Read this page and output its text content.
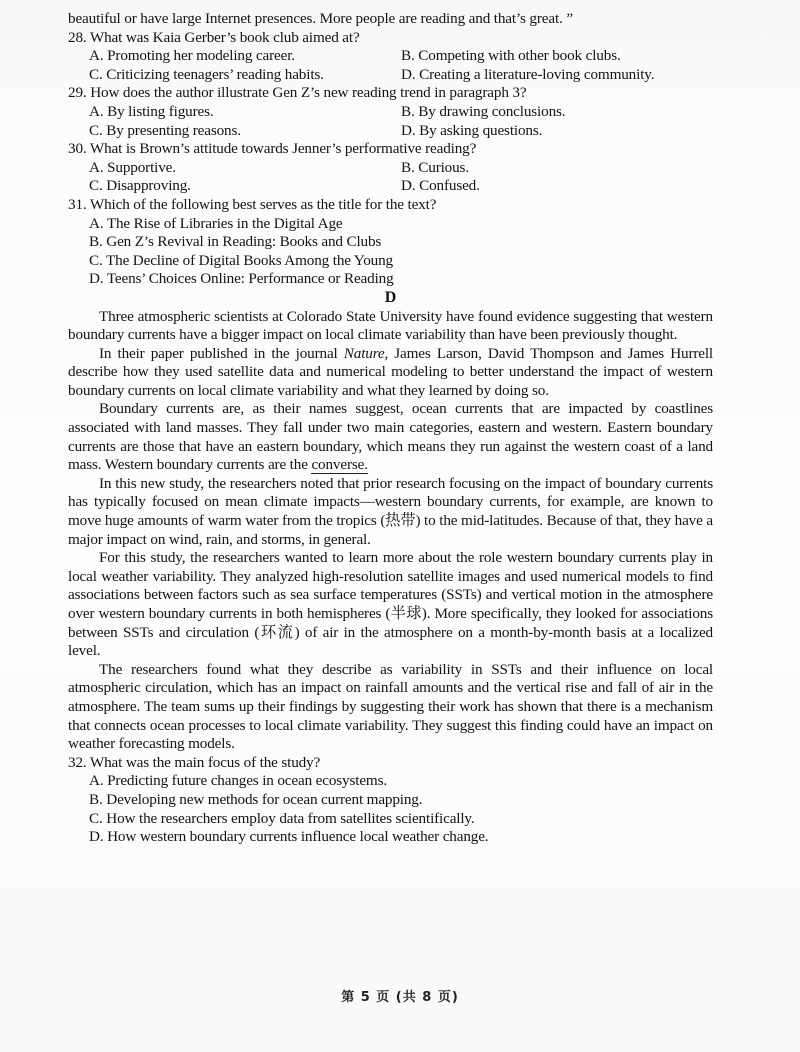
beautiful or have large Internet presences. More people are reading and that’s great. ”
28. What was Kaia Gerber’s book club aimed at?
A. Promoting her modeling career.	B. Competing with other book clubs.
C. Criticizing teenagers’ reading habits.	D. Creating a literature-loving community.
29. How does the author illustrate Gen Z’s new reading trend in paragraph 3?
A. By listing figures.	B. By drawing conclusions.
C. By presenting reasons.	D. By asking questions.
30. What is Brown’s attitude towards Jenner’s performative reading?
A. Supportive.	B. Curious.
C. Disapproving.	D. Confused.
31. Which of the following best serves as the title for the text?
A. The Rise of Libraries in the Digital Age
B. Gen Z’s Revival in Reading: Books and Clubs
C. The Decline of Digital Books Among the Young
D. Teens’ Choices Online: Performance or Reading
D

Three atmospheric scientists at Colorado State University have found evidence suggesting that western boundary currents have a bigger impact on local climate variability than have been previously thought.

In their paper published in the journal Nature, James Larson, David Thompson and James Hurrell describe how they used satellite data and numerical modeling to better understand the impact of western boundary currents on local climate variability and what they learned by doing so.

Boundary currents are, as their names suggest, ocean currents that are impacted by coastlines associated with land masses. They fall under two main categories, eastern and western. Eastern boundary currents are those that have an eastern boundary, which means they run against the western coast of a land mass. Western boundary currents are the converse.

In this new study, the researchers noted that prior research focusing on the impact of boundary currents has typically focused on mean climate impacts—western boundary currents, for example, are known to move huge amounts of warm water from the tropics (热带) to the mid-latitudes. Because of that, they have a major impact on wind, rain, and storms, in general.

For this study, the researchers wanted to learn more about the role western boundary currents play in local weather variability. They analyzed high-resolution satellite images and used numerical models to find associations between factors such as sea surface temperatures (SSTs) and vertical motion in the atmosphere over western boundary currents in both hemispheres (半球). More specifically, they looked for associations between SSTs and circulation (环流) of air in the atmosphere on a month-by-month basis at a localized level.

The researchers found what they describe as variability in SSTs and their influence on local atmospheric circulation, which has an impact on rainfall amounts and the vertical rise and fall of air in the atmosphere. The team sums up their findings by suggesting their work has shown that there is a mechanism that connects ocean processes to local climate variability. They suggest this finding could have an impact on weather forecasting models.

32. What was the main focus of the study?
A. Predicting future changes in ocean ecosystems.
B. Developing new methods for ocean current mapping.
C. How the researchers employ data from satellites scientifically.
D. How western boundary currents influence local weather change.
第 5 页 (共 8 页)
